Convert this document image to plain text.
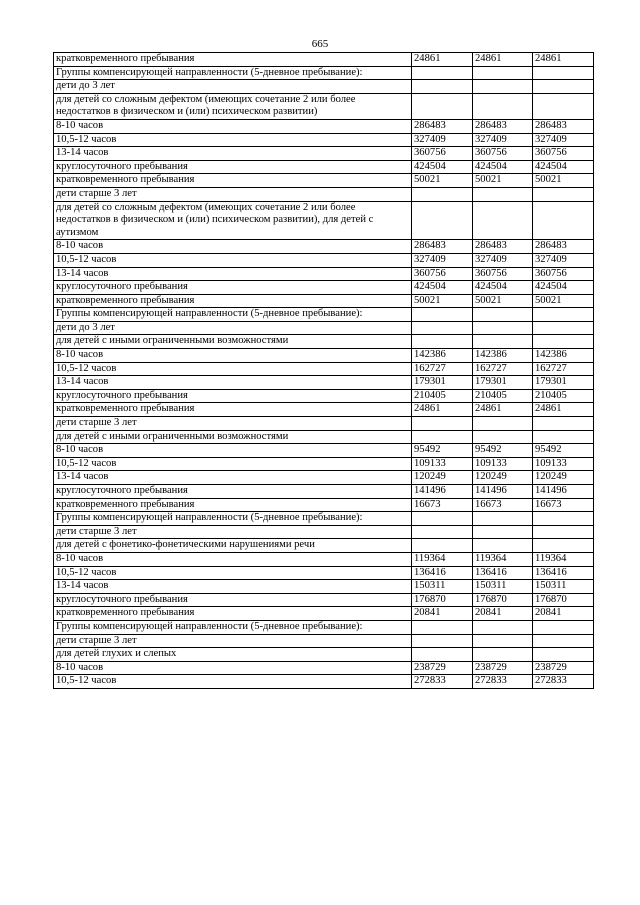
665
кратковременного пребывания	24861	24861	24861
Группы компенсирующей направленности (5-дневное пребывание):			
дети до 3 лет			
для детей со сложным дефектом (имеющих сочетание 2 или более недостатков в физическом и (или) психическом развитии)			
8-10 часов	286483	286483	286483
10,5-12 часов	327409	327409	327409
13-14 часов	360756	360756	360756
круглосуточного пребывания	424504	424504	424504
кратковременного пребывания	50021	50021	50021
дети старше 3 лет			
для детей со сложным дефектом (имеющих сочетание 2 или более недостатков в физическом и (или) психическом развитии), для детей с аутизмом			
8-10 часов	286483	286483	286483
10,5-12 часов	327409	327409	327409
13-14 часов	360756	360756	360756
круглосуточного пребывания	424504	424504	424504
кратковременного пребывания	50021	50021	50021
Группы компенсирующей направленности (5-дневное пребывание):			
дети до 3 лет			
для детей с иными ограниченными возможностями			
8-10 часов	142386	142386	142386
10,5-12 часов	162727	162727	162727
13-14 часов	179301	179301	179301
круглосуточного пребывания	210405	210405	210405
кратковременного пребывания	24861	24861	24861
дети старше 3 лет			
для детей с иными ограниченными возможностями			
8-10 часов	95492	95492	95492
10,5-12 часов	109133	109133	109133
13-14 часов	120249	120249	120249
круглосуточного пребывания	141496	141496	141496
кратковременного пребывания	16673	16673	16673
Группы компенсирующей направленности (5-дневное пребывание):			
дети старше 3 лет			
для детей с фонетико-фонетическими нарушениями речи			
8-10 часов	119364	119364	119364
10,5-12 часов	136416	136416	136416
13-14 часов	150311	150311	150311
круглосуточного пребывания	176870	176870	176870
кратковременного пребывания	20841	20841	20841
Группы компенсирующей направленности (5-дневное пребывание):			
дети старше 3 лет			
для детей глухих и слепых			
8-10 часов	238729	238729	238729
10,5-12 часов	272833	272833	272833
